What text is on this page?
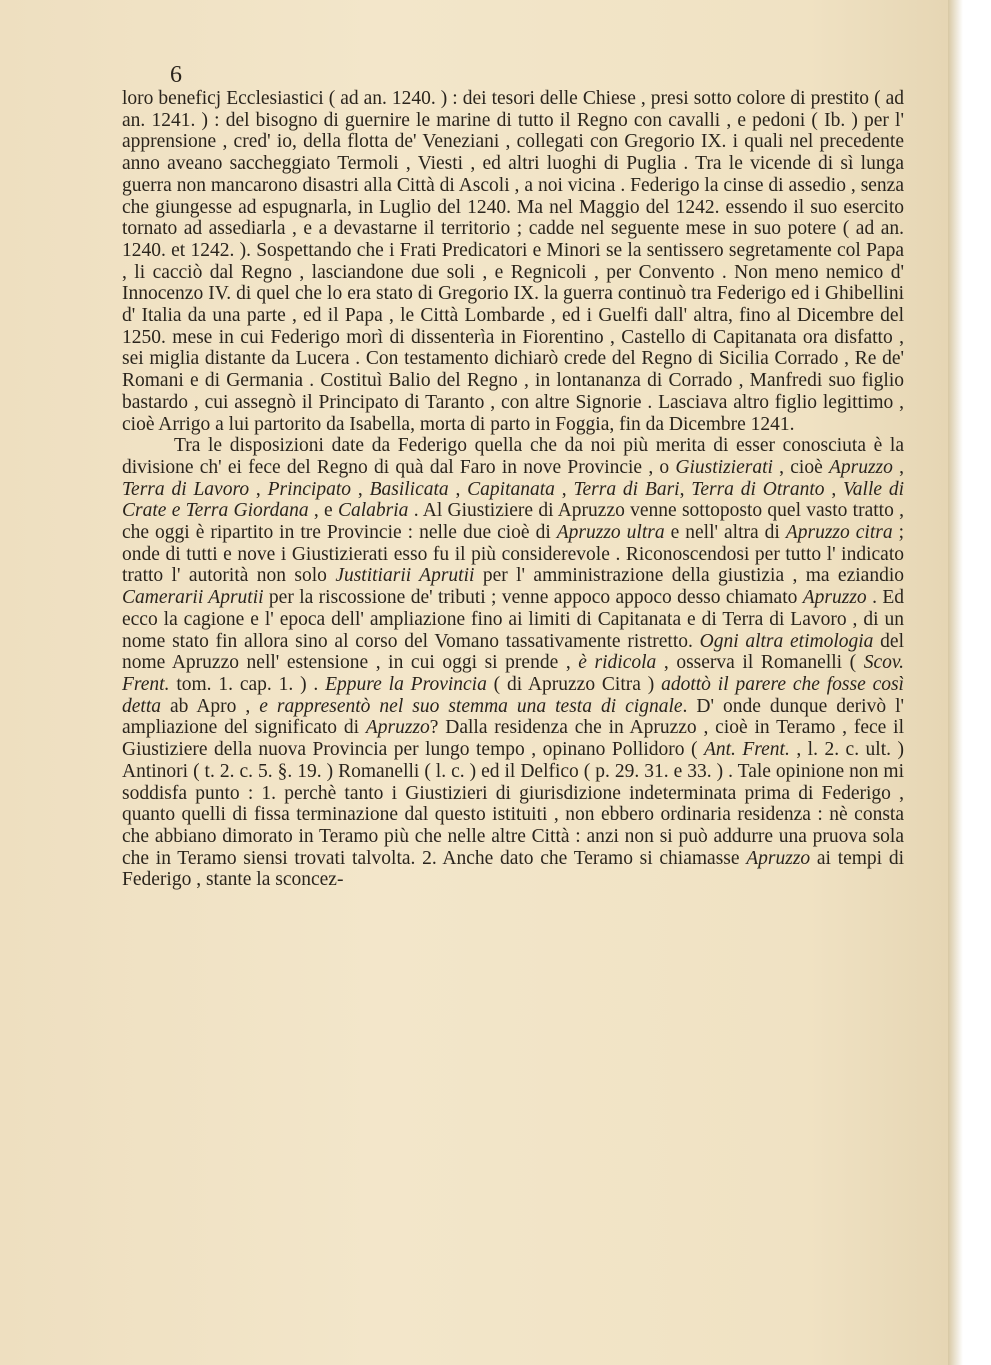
6

loro beneficj Ecclesiastici ( ad an. 1240. ) : dei tesori delle Chiese , presi sotto colore di prestito ( ad an. 1241. ) : del bisogno di guernire le marine di tutto il Regno con cavalli , e pedoni ( Ib. ) per l' apprensione , cred' io, della flotta de' Veneziani , collegati con Gregorio IX. i quali nel precedente anno aveano saccheggiato Termoli , Viesti , ed altri luoghi di Puglia . Tra le vicende di sì lunga guerra non mancarono disastri alla Città di Ascoli , a noi vicina . Federigo la cinse di assedio , senza che giungesse ad espugnarla, in Luglio del 1240. Ma nel Maggio del 1242. essendo il suo esercito tornato ad assediarla , e a devastarne il territorio ; cadde nel seguente mese in suo potere ( ad an. 1240. et 1242. ). Sospettando che i Frati Predicatori e Minori se la sentissero segretamente col Papa , li cacciò dal Regno , lasciandone due soli , e Regnicoli , per Convento . Non meno nemico d' Innocenzo IV. di quel che lo era stato di Gregorio IX. la guerra continuò tra Federigo ed i Ghibellini d' Italia da una parte , ed il Papa , le Città Lombarde , ed i Guelfi dall' altra, fino al Dicembre del 1250. mese in cui Federigo morì di dissenterìa in Fiorentino , Castello di Capitanata ora disfatto , sei miglia distante da Lucera . Con testamento dichiarò crede del Regno di Sicilia Corrado , Re de' Romani e di Germania . Costituì Balio del Regno , in lontananza di Corrado , Manfredi suo figlio bastardo , cui assegnò il Principato di Taranto , con altre Signorie . Lasciava altro figlio legittimo , cioè Arrigo a lui partorito da Isabella, morta di parto in Foggia, fin da Dicembre 1241.

Tra le disposizioni date da Federigo quella che da noi più merita di esser conosciuta è la divisione ch' ei fece del Regno di quà dal Faro in nove Provincie , o Giustizierati , cioè Apruzzo , Terra di Lavoro , Principato , Basilicata , Capitanata , Terra di Bari, Terra di Otranto , Valle di Crate e Terra Giordana , e Calabria . Al Giustiziere di Apruzzo venne sottoposto quel vasto tratto , che oggi è ripartito in tre Provincie : nelle due cioè di Apruzzo ultra e nell' altra di Apruzzo citra ; onde di tutti e nove i Giustizierati esso fu il più considerevole . Riconoscendosi per tutto l' indicato tratto l' autorità non solo Justitiarii Aprutii per l' amministrazione della giustizia , ma eziandio Camerarii Aprutii per la riscossione de' tributi ; venne appoco appoco desso chiamato Apruzzo . Ed ecco la cagione e l' epoca dell' ampliazione fino ai limiti di Capitanata e di Terra di Lavoro , di un nome stato fin allora sino al corso del Vomano tassativamente ristretto. Ogni altra etimologia del nome Apruzzo nell' estensione , in cui oggi si prende , è ridicola , osserva il Romanelli ( Scov. Frent. tom. 1. cap. 1. ) . Eppure la Provincia ( di Apruzzo Citra ) adottò il parere che fosse così detta ab Apro , e rappresentò nel suo stemma una testa di cignale. D' onde dunque derivò l' ampliazione del significato di Apruzzo? Dalla residenza che in Apruzzo , cioè in Teramo , fece il Giustiziere della nuova Provincia per lungo tempo , opinano Pollidoro ( Ant. Frent. , l. 2. c. ult. ) Antinori ( t. 2. c. 5. §. 19. ) Romanelli ( l. c. ) ed il Delfico ( p. 29. 31. e 33. ) . Tale opinione non mi soddisfa punto : 1. perchè tanto i Giustizieri di giurisdizione indeterminata prima di Federigo , quanto quelli di fissa terminazione dal questo istituiti , non ebbero ordinaria residenza : nè consta che abbiano dimorato in Teramo più che nelle altre Città : anzi non si può addurre una pruova sola che in Teramo siensi trovati talvolta. 2. Anche dato che Teramo si chiamasse Apruzzo ai tempi di Federigo , stante la sconcez-
